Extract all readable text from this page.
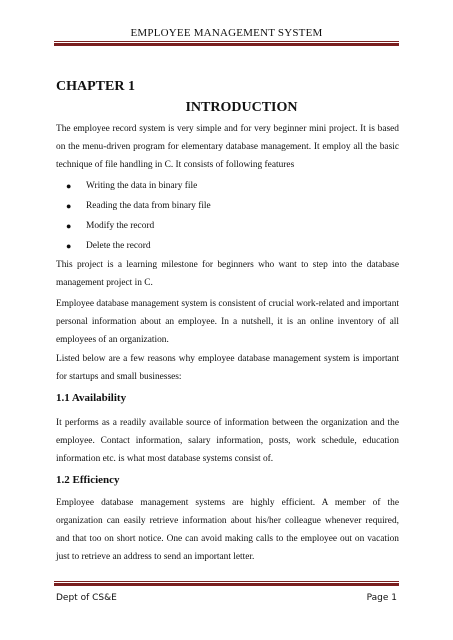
EMPLOYEE MANAGEMENT SYSTEM
CHAPTER 1
INTRODUCTION

The employee record system is very simple and for very beginner mini project. It is based on the menu-driven program for elementary database management. It employ all the basic technique of file handling in C. It consists of following features

● Writing the data in binary file
● Reading the data from binary file
● Modify the record
● Delete the record

This project is a learning milestone for beginners who want to step into the database management project in C.

Employee database management system is consistent of crucial work-related and important personal information about an employee. In a nutshell, it is an online inventory of all employees of an organization.

Listed below are a few reasons why employee database management system is important for startups and small businesses:

1.1 Availability

It performs as a readily available source of information between the organization and the employee. Contact information, salary information, posts, work schedule, education information etc. is what most database systems consist of.

1.2 Efficiency

Employee database management systems are highly efficient. A member of the organization can easily retrieve information about his/her colleague whenever required, and that too on short notice. One can avoid making calls to the employee out on vacation just to retrieve an address to send an important letter.

Dept of CS&E	Page 1
